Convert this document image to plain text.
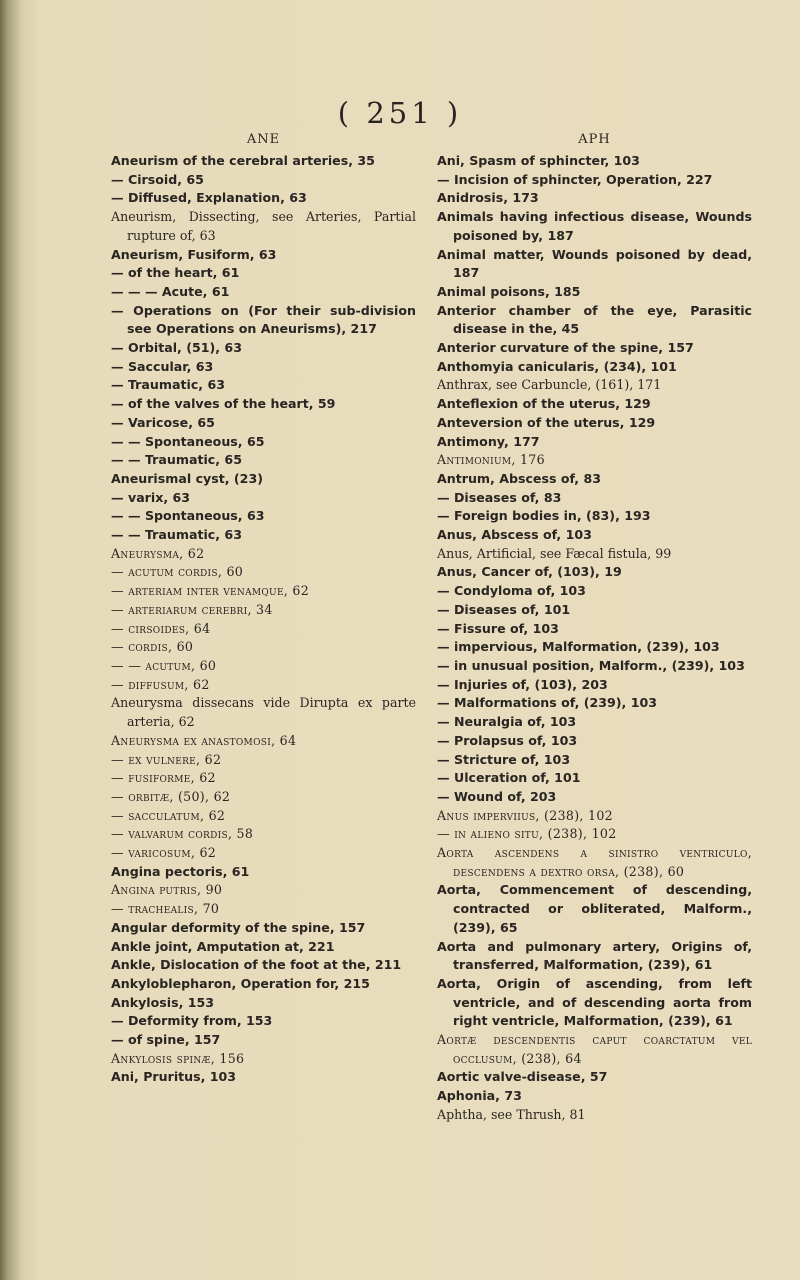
( 251 )
ANE
Aneurism of the cerebral arteries, 35
— Cirsoid, 65
— Diffused, Explanation, 63
Aneurism, Dissecting, see Arteries, Partial rupture of, 63
Aneurism, Fusiform, 63
— of the heart, 61
— — — Acute, 61
— Operations on (For their sub-division see Operations on Aneurisms), 217
— Orbital, (51), 63
— Saccular, 63
— Traumatic, 63
— of the valves of the heart, 59
— Varicose, 65
— — Spontaneous, 65
— — Traumatic, 65
Aneurismal cyst, (23)
— varix, 63
— — Spontaneous, 63
— — Traumatic, 63
Aneurysma, 62
— acutum cordis, 60
— arteriam inter venamque, 62
— arteriarum cerebri, 34
— cirsoides, 64
— cordis, 60
— — acutum, 60
— diffusum, 62
Aneurysma dissecans vide Dirupta ex parte arteria, 62
Aneurysma ex anastomosi, 64
— ex vulnere, 62
— fusiforme, 62
— orbitæ, (50), 62
— sacculatum, 62
— valvarum cordis, 58
— varicosum, 62
Angina pectoris, 61
Angina putris, 90
— trachealis, 70
Angular deformity of the spine, 157
Ankle joint, Amputation at, 221
Ankle, Dislocation of the foot at the, 211
Ankyloblepharon, Operation for, 215
Ankylosis, 153
— Deformity from, 153
— of spine, 157
Ankylosis spinæ, 156
Ani, Pruritus, 103
APH
Ani, Spasm of sphincter, 103
— Incision of sphincter, Operation, 227
Anidrosis, 173
Animals having infectious disease, Wounds poisoned by, 187
Animal matter, Wounds poisoned by dead, 187
Animal poisons, 185
Anterior chamber of the eye, Parasitic disease in the, 45
Anterior curvature of the spine, 157
Anthomyia canicularis, (234), 101
Anthrax, see Carbuncle, (161), 171
Anteflexion of the uterus, 129
Anteversion of the uterus, 129
Antimony, 177
Antimonium, 176
Antrum, Abscess of, 83
— Diseases of, 83
— Foreign bodies in, (83), 193
Anus, Abscess of, 103
Anus, Artificial, see Fæcal fistula, 99
Anus, Cancer of, (103), 19
— Condyloma of, 103
— Diseases of, 101
— Fissure of, 103
— impervious, Malformation, (239), 103
— in unusual position, Malform., (239), 103
— Injuries of, (103), 203
— Malformations of, (239), 103
— Neuralgia of, 103
— Prolapsus of, 103
— Stricture of, 103
— Ulceration of, 101
— Wound of, 203
Anus imperviius, (238), 102
— in alieno situ, (238), 102
Aorta ascendens a sinistro ventriculo, descendens a dextro orsa, (238), 60
Aorta, Commencement of descending, contracted or obliterated, Malform., (239), 65
Aorta and pulmonary artery, Origins of, transferred, Malformation, (239), 61
Aorta, Origin of ascending, from left ventricle, and of descending aorta from right ventricle, Malformation, (239), 61
Aortæ descendentis caput coarctatum vel occlusum, (238), 64
Aortic valve-disease, 57
Aphonia, 73
Aphtha, see Thrush, 81
